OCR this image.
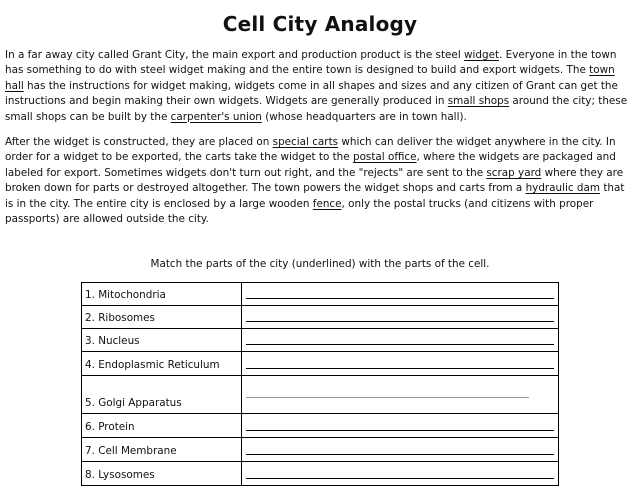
Cell City Analogy

In a far away city called Grant City, the main export and production product is the steel widget. Everyone in the town has something to do with steel widget making and the entire town is designed to build and export widgets. The town hall has the instructions for widget making, widgets come in all shapes and sizes and any citizen of Grant can get the instructions and begin making their own widgets. Widgets are generally produced in small shops around the city; these small shops can be built by the carpenter's union (whose headquarters are in town hall).

After the widget is constructed, they are placed on special carts which can deliver the widget anywhere in the city. In order for a widget to be exported, the carts take the widget to the postal office, where the widgets are packaged and labeled for export. Sometimes widgets don't turn out right, and the "rejects" are sent to the scrap yard where they are broken down for parts or destroyed altogether. The town powers the widget shops and carts from a hydraulic dam that is in the city. The entire city is enclosed by a large wooden fence, only the postal trucks (and citizens with proper passports) are allowed outside the city.

Match the parts of the city (underlined) with the parts of the cell.
1. Mitochondria	

2. Ribosomes	

3. Nucleus	

4. Endoplasmic Reticulum	

5. Golgi Apparatus	

6. Protein	

7. Cell Membrane	

8. Lysosomes	
